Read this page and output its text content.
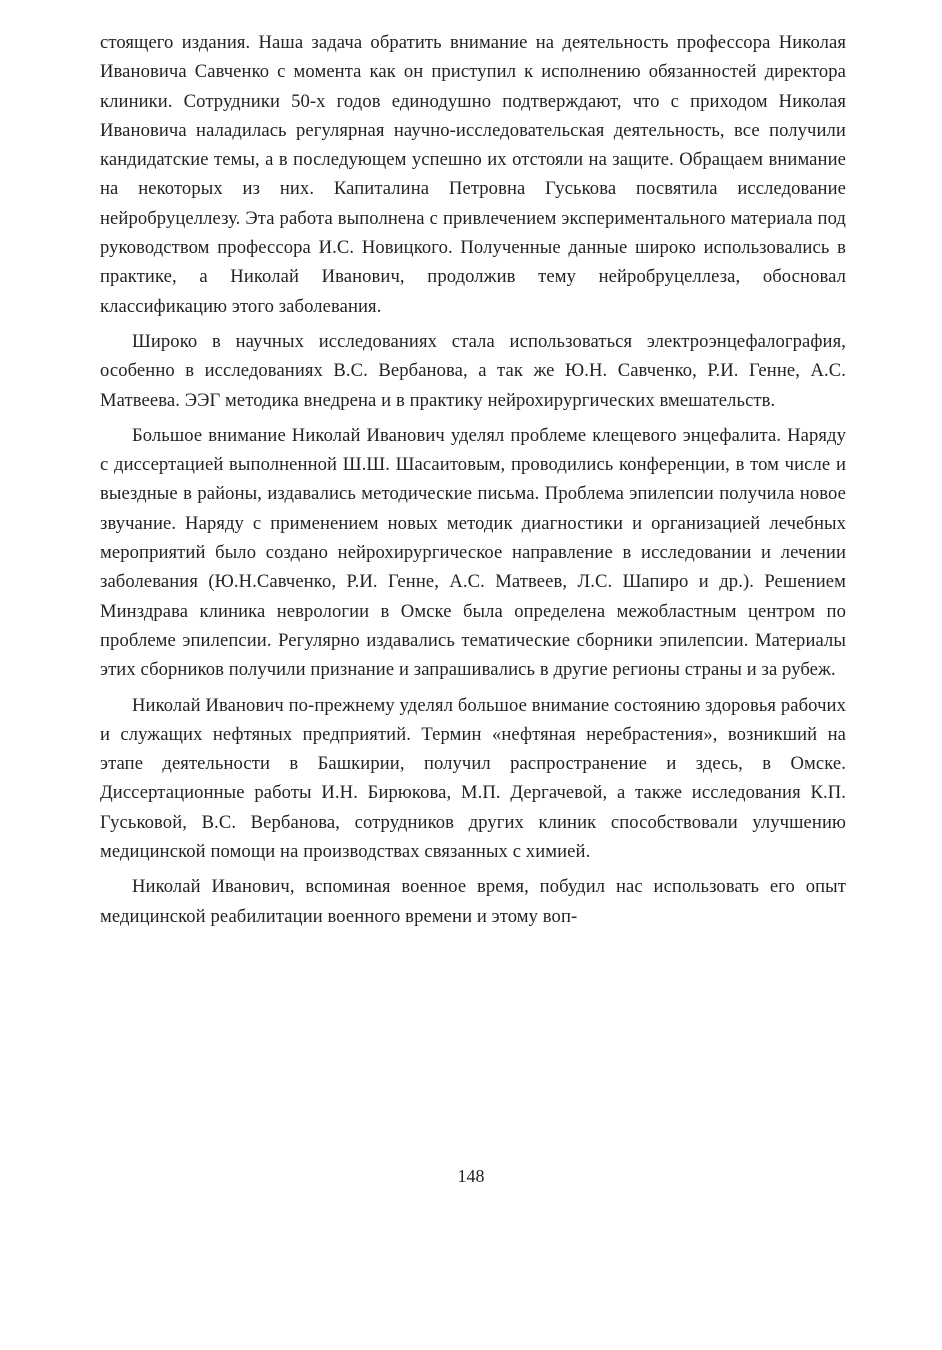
стоящего издания. Наша задача обратить внимание на деятельность профессора Николая Ивановича Савченко с момента как он приступил к исполнению обязанностей директора клиники. Сотрудники 50-х годов единодушно подтверждают, что с приходом Николая Ивановича наладилась регулярная научно-исследовательская деятельность, все получили кандидатские темы, а в последующем успешно их отстояли на защите. Обращаем внимание на некоторых из них. Капиталина Петровна Гуськова посвятила исследование нейробруцеллезу. Эта работа выполнена с привлечением экспериментального материала под руководством профессора И.С. Новицкого. Полученные данные широко использовались в практике, а Николай Иванович, продолжив тему нейробруцеллеза, обосновал классификацию этого заболевания.

Широко в научных исследованиях стала использоваться электроэнцефалография, особенно в исследованиях В.С. Вербанова, а так же Ю.Н. Савченко, Р.И. Генне, А.С. Матвеева. ЭЭГ методика внедрена и в практику нейрохирургических вмешательств.

Большое внимание Николай Иванович уделял проблеме клещевого энцефалита. Наряду с диссертацией выполненной Ш.Ш. Шасаитовым, проводились конференции, в том числе и выездные в районы, издавались методические письма. Проблема эпилепсии получила новое звучание. Наряду с применением новых методик диагностики и организацией лечебных мероприятий было создано нейрохирургическое направление в исследовании и лечении заболевания (Ю.Н.Савченко, Р.И. Генне, А.С. Матвеев, Л.С. Шапиро и др.). Решением Минздрава клиника неврологии в Омске была определена межобластным центром по проблеме эпилепсии. Регулярно издавались тематические сборники эпилепсии. Материалы этих сборников получили признание и запрашивались в другие регионы страны и за рубеж.

Николай Иванович по-прежнему уделял большое внимание состоянию здоровья рабочих и служащих нефтяных предприятий. Термин «нефтяная неребрастения», возникший на этапе деятельности в Башкирии, получил распространение и здесь, в Омске. Диссертационные работы И.Н. Бирюкова, М.П. Дергачевой, а также исследования К.П. Гуськовой, В.С. Вербанова, сотрудников других клиник способствовали улучшению медицинской помощи на производствах связанных с химией.

Николай Иванович, вспоминая военное время, побудил нас использовать его опыт медицинской реабилитации военного времени и этому воп-

148
